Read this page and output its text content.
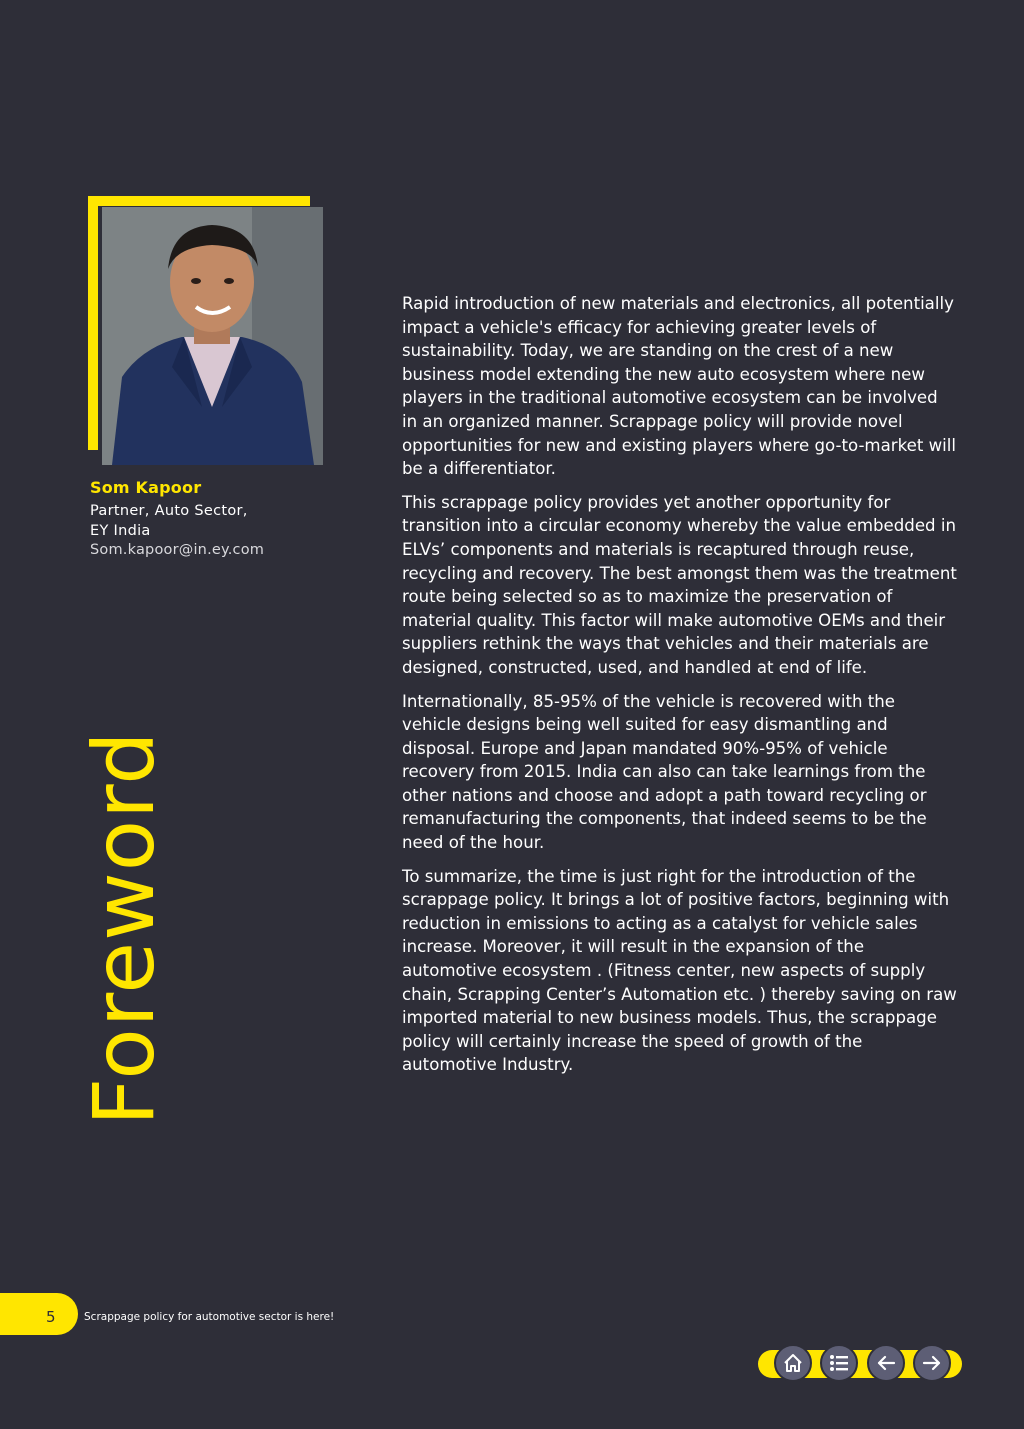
Som Kapoor
Partner, Auto Sector,
EY India
Som.kapoor@in.ey.com
Foreword

Rapid introduction of new materials and electronics, all potentially impact a vehicle's efficacy for achieving greater levels of sustainability. Today, we are standing on the crest of a new business model extending the new auto ecosystem where new players in the traditional automotive ecosystem can be involved in an organized manner. Scrappage policy will provide novel opportunities for new and existing players where go-to-market will be a differentiator.

This scrappage policy provides yet another opportunity for transition into a circular economy whereby the value embedded in ELVs’ components and materials is recaptured through reuse, recycling and recovery. The best amongst them was the treatment route being selected so as to maximize the preservation of material quality. This factor will make automotive OEMs and their suppliers rethink the ways that vehicles and their materials are designed, constructed, used, and handled at end of life.

Internationally, 85-95% of the vehicle is recovered with the vehicle designs being well suited for easy dismantling and disposal. Europe and Japan mandated 90%-95% of vehicle recovery from 2015. India can also can take learnings from the other nations and choose and adopt a path toward recycling or remanufacturing the components, that indeed seems to be the need of the hour.

To summarize, the time is just right for the introduction of the scrappage policy. It brings a lot of positive factors, beginning with reduction in emissions to acting as a catalyst for vehicle sales increase. Moreover, it will result in the expansion of the automotive ecosystem . (Fitness center, new aspects of supply chain, Scrapping Center’s Automation etc. ) thereby saving on raw imported material to new business models. Thus, the scrappage policy will certainly increase the speed of growth of the automotive Industry.

5	Scrappage policy for automotive sector is here!
